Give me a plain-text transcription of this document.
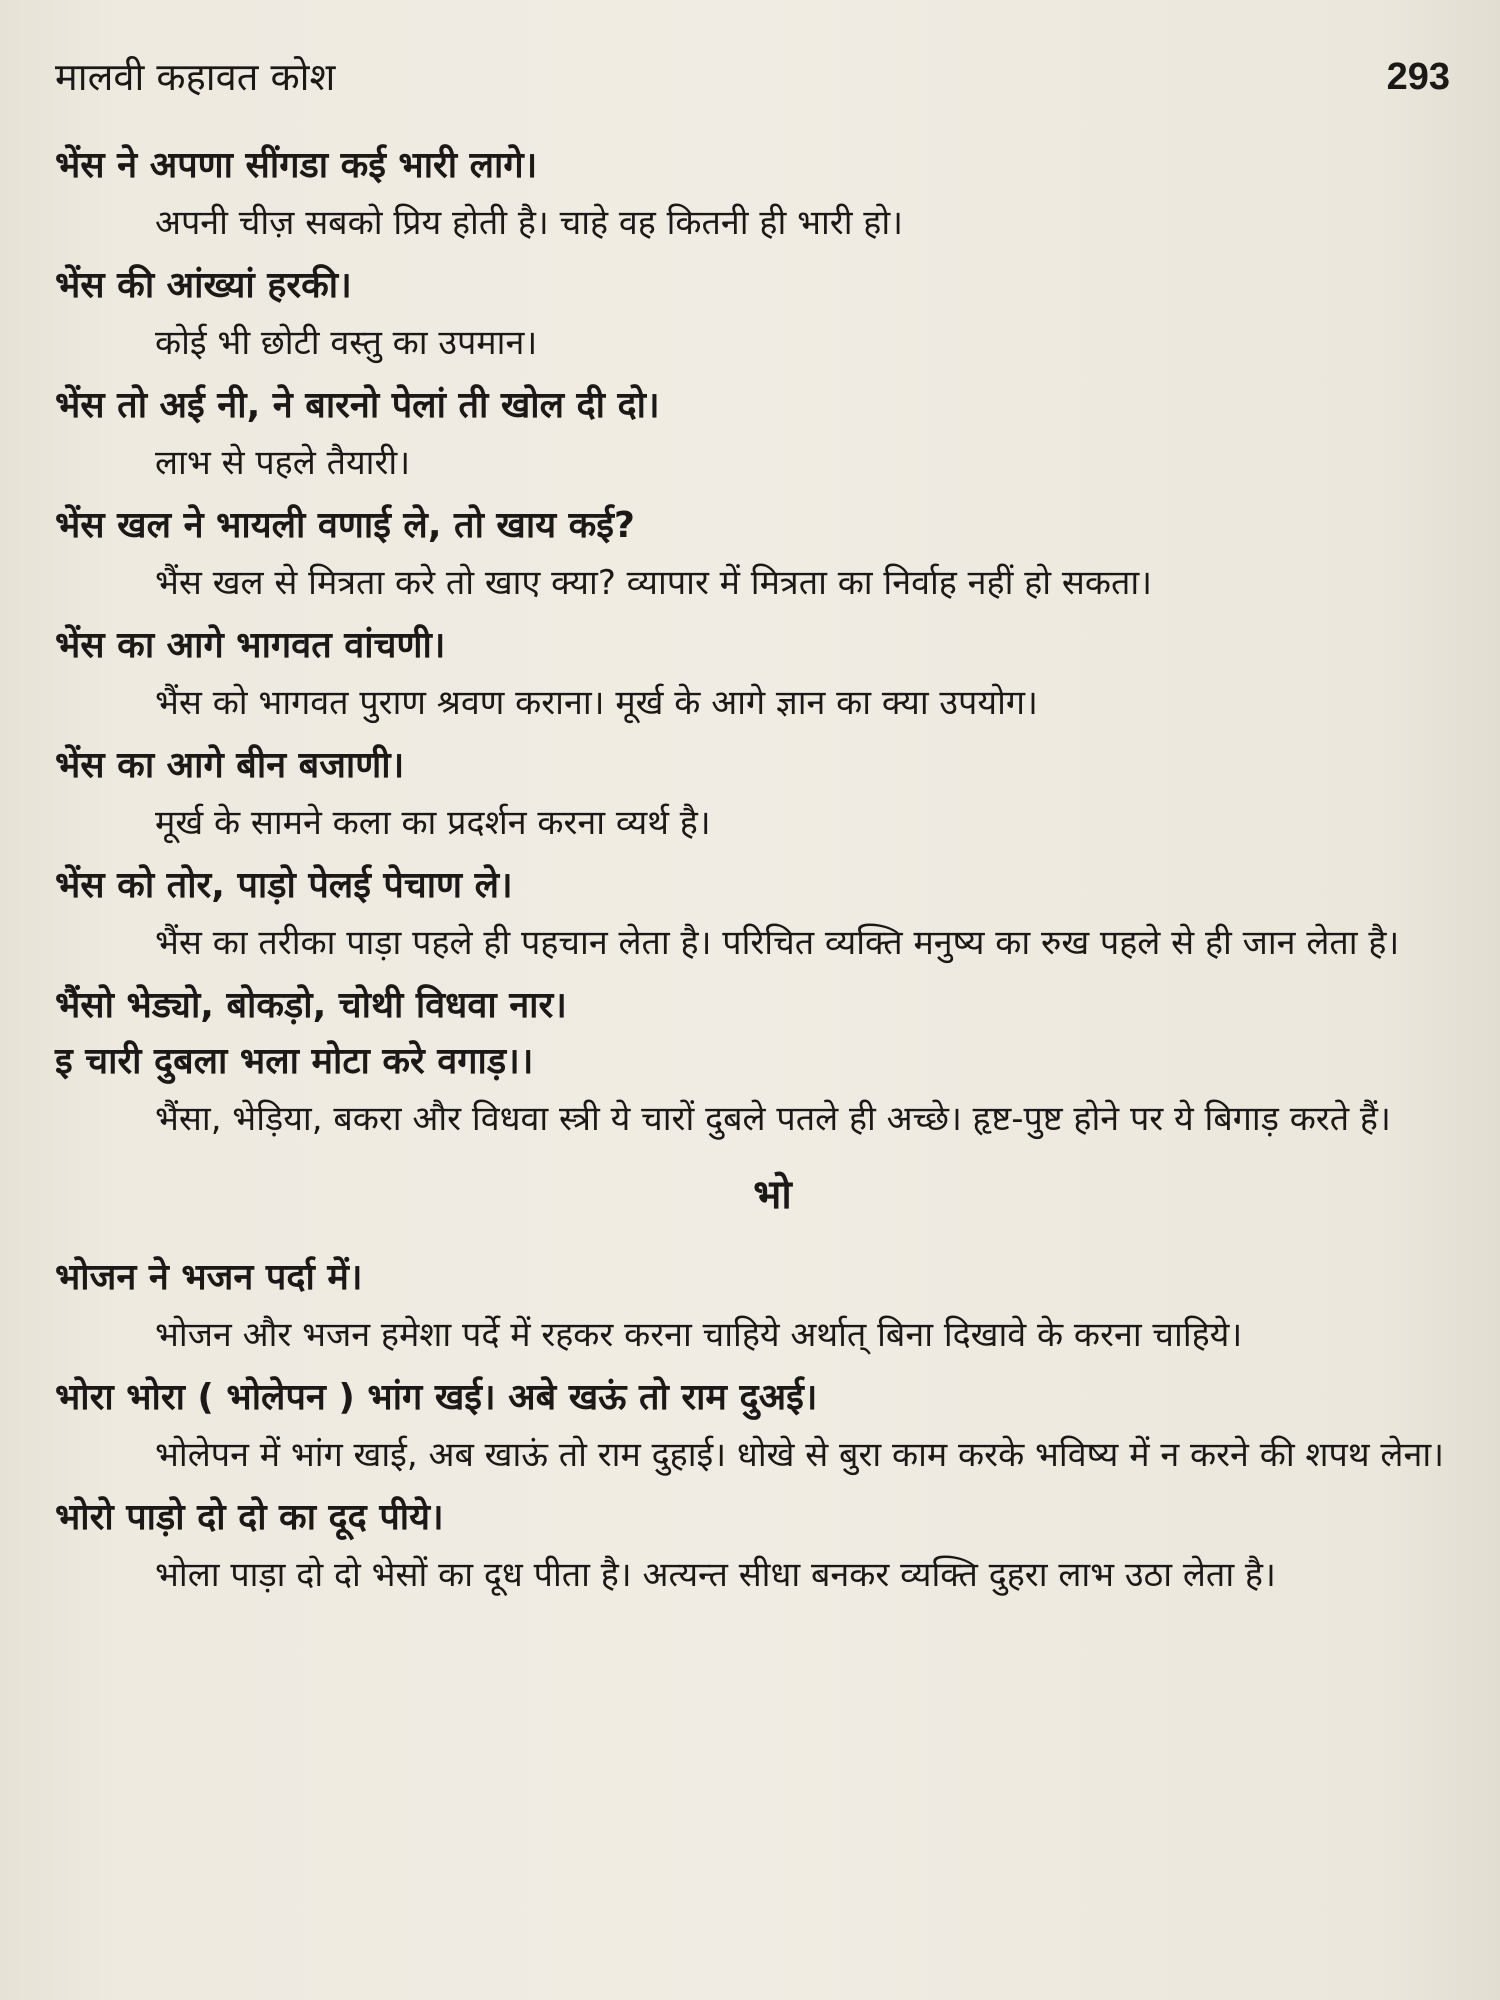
मालवी कहावत कोश	293
भेंस ने अपणा सींगडा कई भारी लागे।
अपनी चीज़ सबको प्रिय होती है। चाहे वह कितनी ही भारी हो।
भेंस की आंख्यां हरकी।
कोई भी छोटी वस्तु का उपमान।
भेंस तो अई नी, ने बारनो पेलां ती खोल दी दो।
लाभ से पहले तैयारी।
भेंस खल ने भायली वणाई ले, तो खाय कई?
भैंस खल से मित्रता करे तो खाए क्या? व्यापार में मित्रता का निर्वाह नहीं हो सकता।
भेंस का आगे भागवत वांचणी।
भैंस को भागवत पुराण श्रवण कराना। मूर्ख के आगे ज्ञान का क्या उपयोग।
भेंस का आगे बीन बजाणी।
मूर्ख के सामने कला का प्रदर्शन करना व्यर्थ है।
भेंस को तोर, पाड़ो पेलई पेचाण ले।
भैंस का तरीका पाड़ा पहले ही पहचान लेता है। परिचित व्यक्ति मनुष्य का रुख पहले से ही जान लेता है।
भैंसो भेड्यो, बोकड़ो, चोथी विधवा नार।
इ चारी दुबला भला मोटा करे वगाड़।।
भैंसा, भेड़िया, बकरा और विधवा स्त्री ये चारों दुबले पतले ही अच्छे। हृष्ट-पुष्ट होने पर ये बिगाड़ करते हैं।
भो
भोजन ने भजन पर्दा में।
भोजन और भजन हमेशा पर्दे में रहकर करना चाहिये अर्थात् बिना दिखावे के करना चाहिये।
भोरा भोरा ( भोलेपन ) भांग खई। अबे खऊं तो राम दुअई।
भोलेपन में भांग खाई, अब खाऊं तो राम दुहाई। धोखे से बुरा काम करके भविष्य में न करने की शपथ लेना।
भोरो पाड़ो दो दो का दूद पीये।
भोला पाड़ा दो दो भेसों का दूध पीता है। अत्यन्त सीधा बनकर व्यक्ति दुहरा लाभ उठा लेता है।
